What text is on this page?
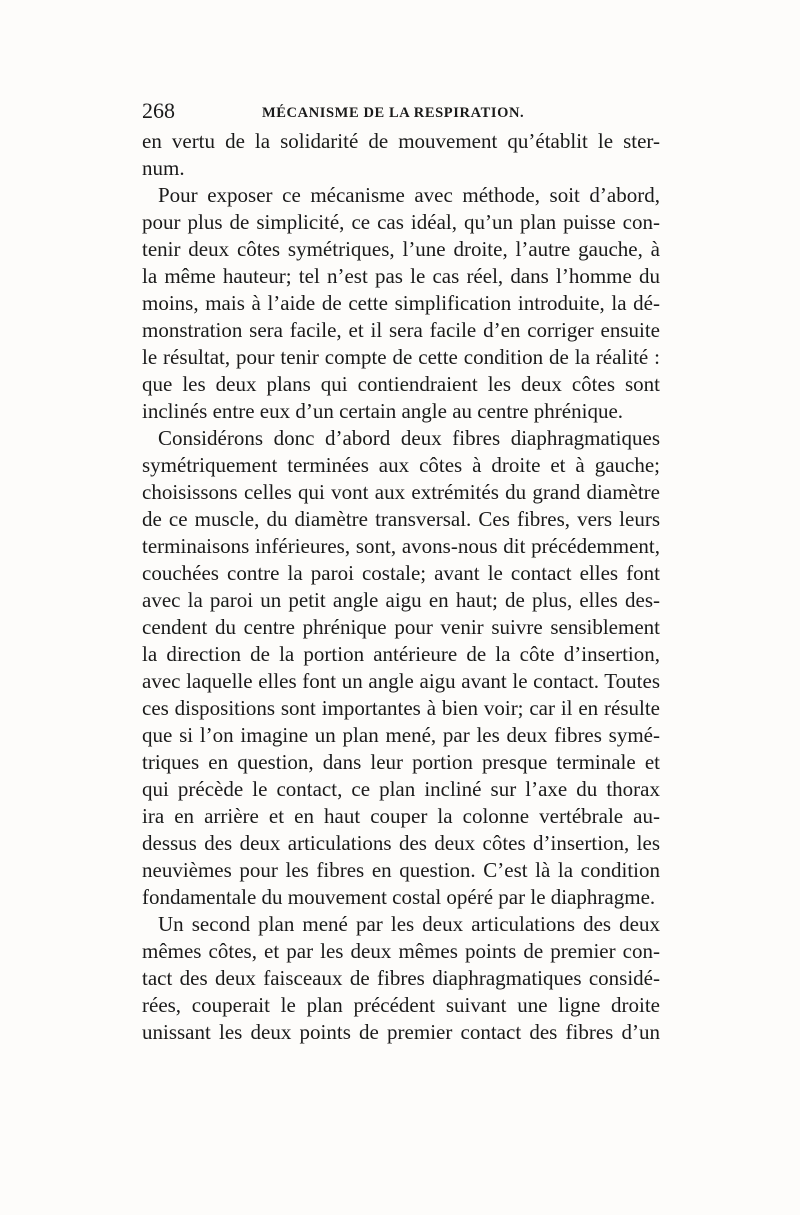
268	MÉCANISME DE LA RESPIRATION.
en vertu de la solidarité de mouvement qu’établit le ster-
num.
Pour exposer ce mécanisme avec méthode, soit d’abord,
pour plus de simplicité, ce cas idéal, qu’un plan puisse con-
tenir deux côtes symétriques, l’une droite, l’autre gauche, à
la même hauteur; tel n’est pas le cas réel, dans l’homme du
moins, mais à l’aide de cette simplification introduite, la dé-
monstration sera facile, et il sera facile d’en corriger ensuite
le résultat, pour tenir compte de cette condition de la réalité :
que les deux plans qui contiendraient les deux côtes sont
inclinés entre eux d’un certain angle au centre phrénique.
Considérons donc d’abord deux fibres diaphragmatiques
symétriquement terminées aux côtes à droite et à gauche;
choisissons celles qui vont aux extrémités du grand diamètre
de ce muscle, du diamètre transversal. Ces fibres, vers leurs
terminaisons inférieures, sont, avons-nous dit précédemment,
couchées contre la paroi costale; avant le contact elles font
avec la paroi un petit angle aigu en haut; de plus, elles des-
cendent du centre phrénique pour venir suivre sensiblement
la direction de la portion antérieure de la côte d’insertion,
avec laquelle elles font un angle aigu avant le contact. Toutes
ces dispositions sont importantes à bien voir; car il en résulte
que si l’on imagine un plan mené, par les deux fibres symé-
triques en question, dans leur portion presque terminale et
qui précède le contact, ce plan incliné sur l’axe du thorax
ira en arrière et en haut couper la colonne vertébrale au-
dessus des deux articulations des deux côtes d’insertion, les
neuvièmes pour les fibres en question. C’est là la condition
fondamentale du mouvement costal opéré par le diaphragme.
Un second plan mené par les deux articulations des deux
mêmes côtes, et par les deux mêmes points de premier con-
tact des deux faisceaux de fibres diaphragmatiques considé-
rées, couperait le plan précédent suivant une ligne droite
unissant les deux points de premier contact des fibres d’un
